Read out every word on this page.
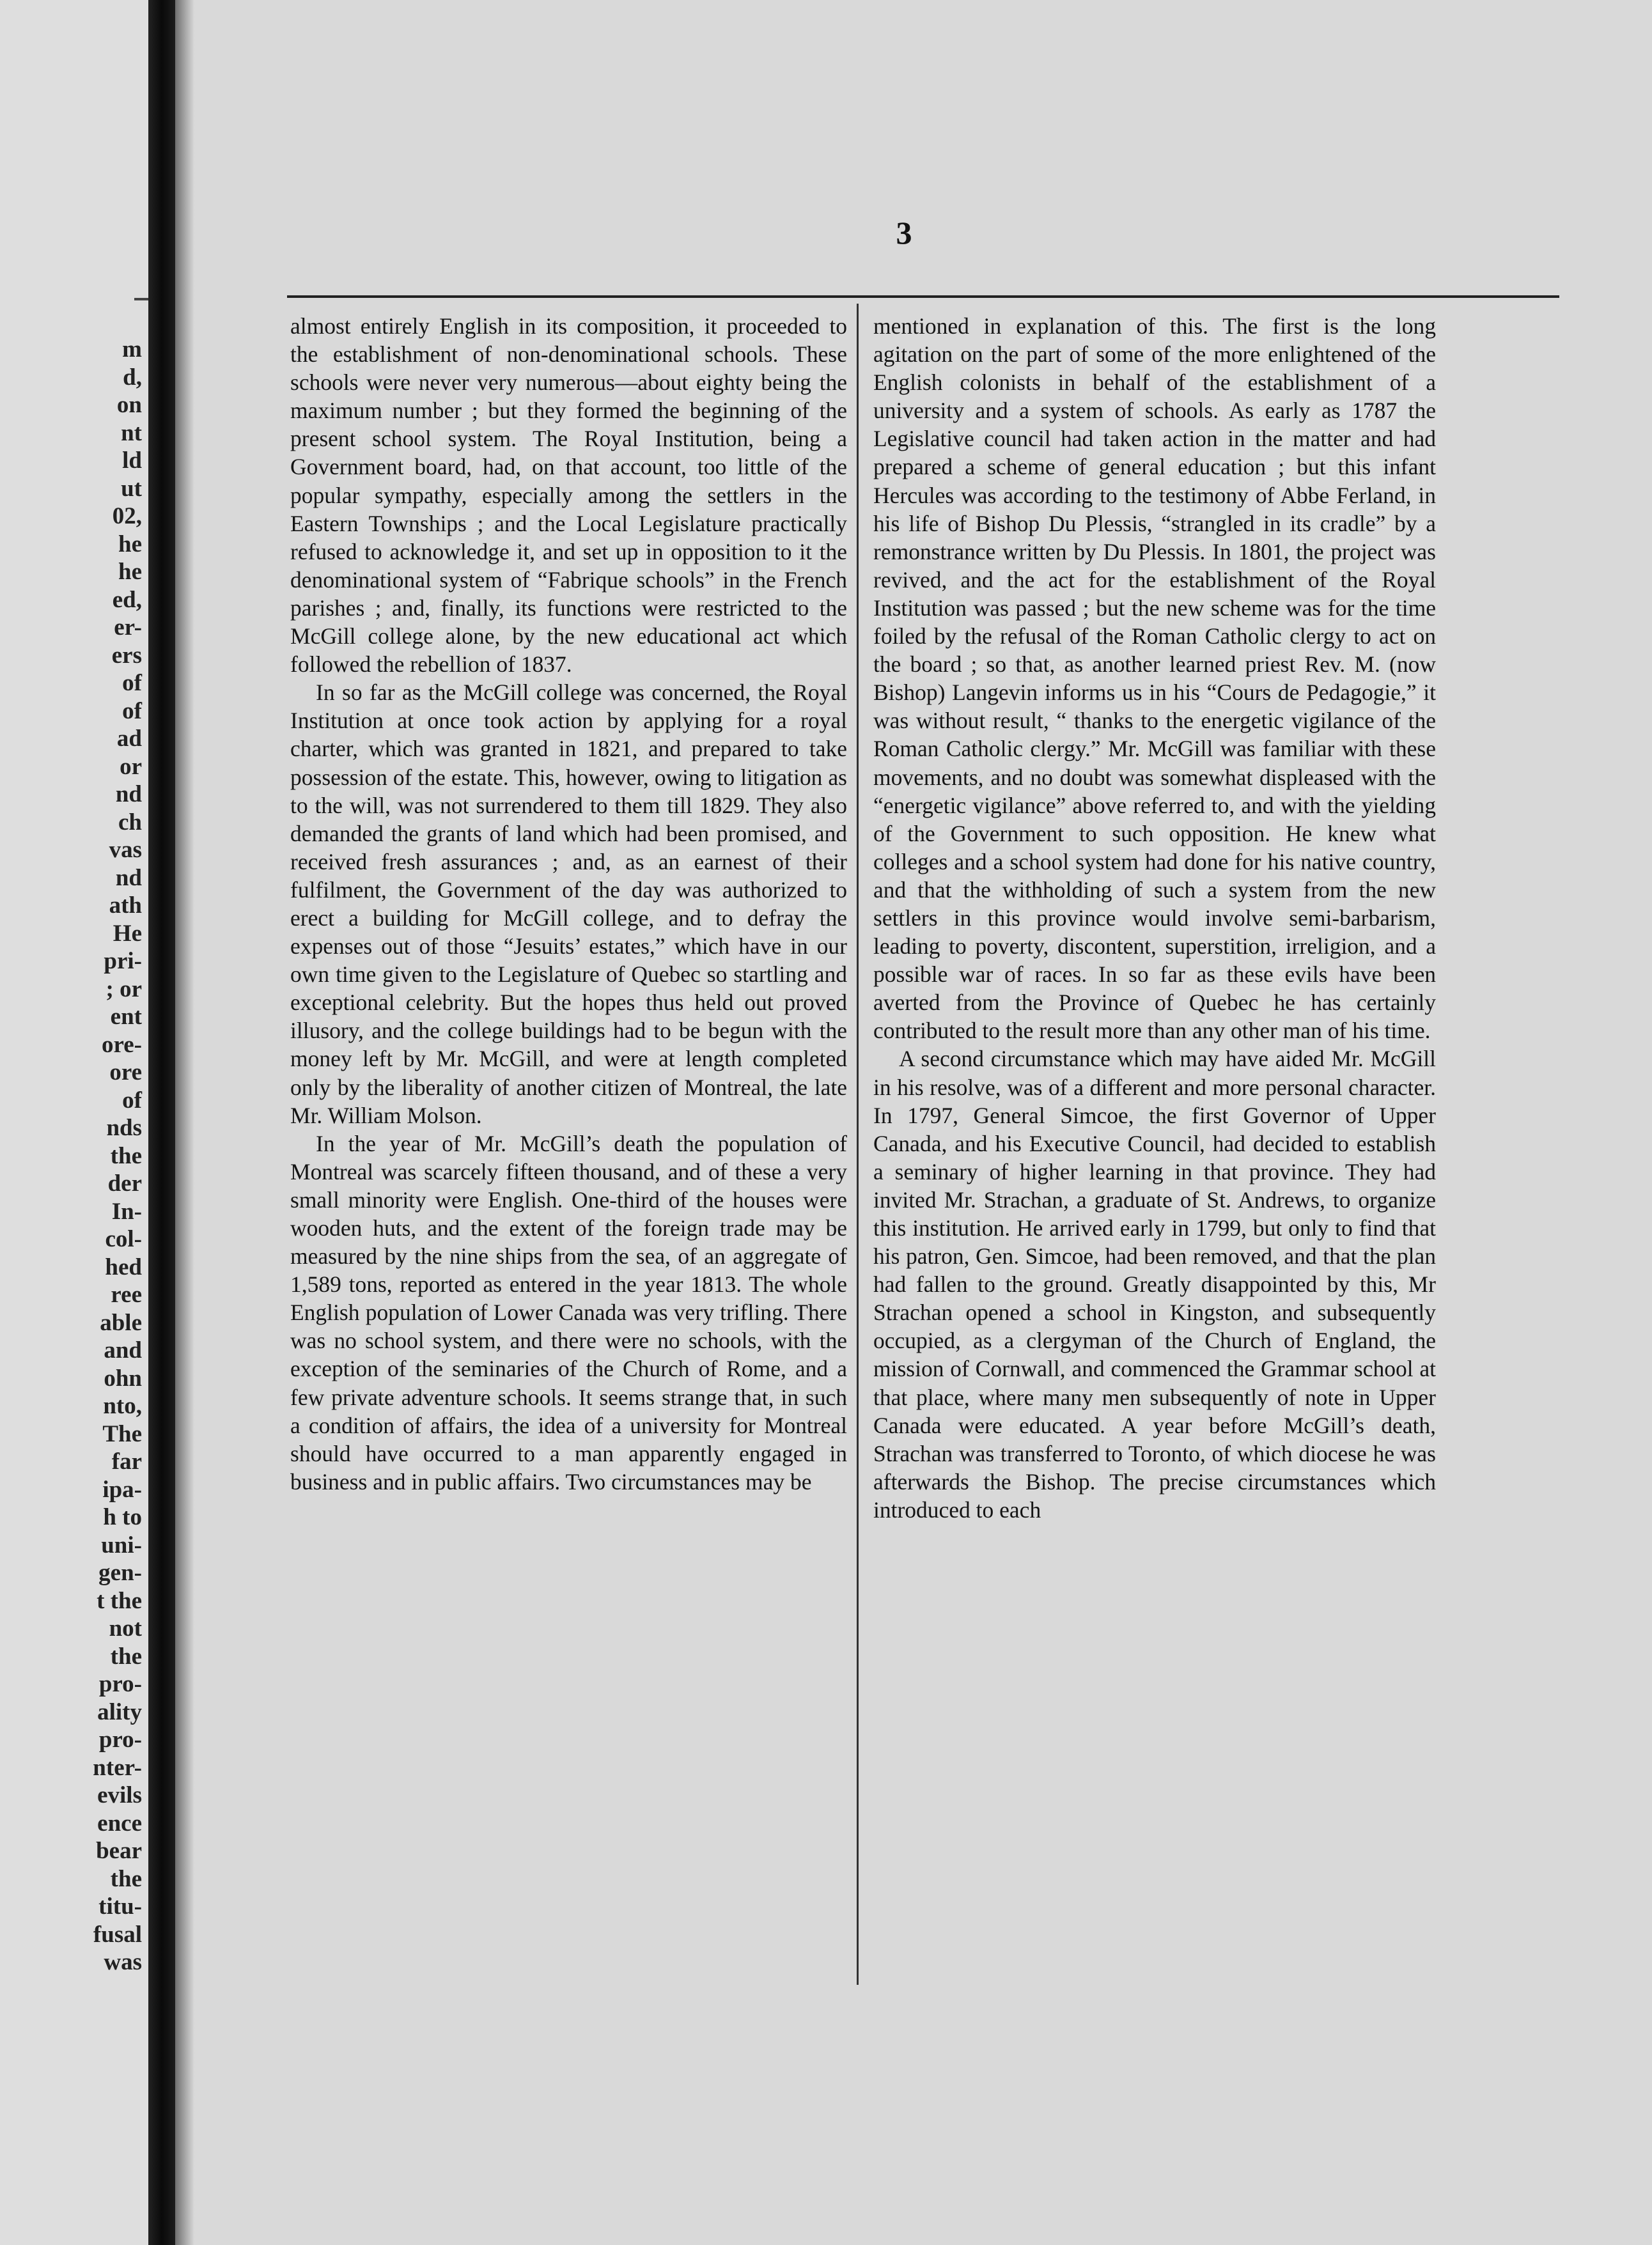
m
d,
on
nt
ld
ut
02,
he
he
ed,
er-
ers
of
of
ad
or
nd
ch
vas
nd
ath
He
pri-
; or
ent
ore-
ore
of
nds
the
der
In-
col-
hed
ree
able
and
ohn
nto,
The
far
ipa-
h to
uni-
gen-
t the
not
the
pro-
ality
pro-
nter-
evils
ence
bear
the
titu-
fusal
was
3

almost entirely English in its composition, it proceeded to the establishment of non-denominational schools. These schools were never very numerous—about eighty being the maximum number ; but they formed the beginning of the present school system. The Royal Institution, being a Government board, had, on that account, too little of the popular sympathy, especially among the settlers in the Eastern Townships ; and the Local Legislature practically refused to acknowledge it, and set up in opposition to it the denominational system of “Fabrique schools” in the French parishes ; and, finally, its functions were restricted to the McGill college alone, by the new educational act which followed the rebellion of 1837.

In so far as the McGill college was concerned, the Royal Institution at once took action by applying for a royal charter, which was granted in 1821, and prepared to take possession of the estate. This, however, owing to litigation as to the will, was not surrendered to them till 1829. They also demanded the grants of land which had been promised, and received fresh assurances ; and, as an earnest of their fulfilment, the Government of the day was authorized to erect a building for McGill college, and to defray the expenses out of those “Jesuits’ estates,” which have in our own time given to the Legislature of Quebec so startling and exceptional celebrity. But the hopes thus held out proved illusory, and the college buildings had to be begun with the money left by Mr. McGill, and were at length completed only by the liberality of another citizen of Montreal, the late Mr. William Molson.

In the year of Mr. McGill’s death the population of Montreal was scarcely fifteen thousand, and of these a very small minority were English. One-third of the houses were wooden huts, and the extent of the foreign trade may be measured by the nine ships from the sea, of an aggregate of 1,589 tons, reported as entered in the year 1813. The whole English population of Lower Canada was very trifling. There was no school system, and there were no schools, with the exception of the seminaries of the Church of Rome, and a few private adventure schools. It seems strange that, in such a condition of affairs, the idea of a university for Montreal should have occurred to a man apparently engaged in business and in public affairs. Two circumstances may be

mentioned in explanation of this. The first is the long agitation on the part of some of the more enlightened of the English colonists in behalf of the establishment of a university and a system of schools. As early as 1787 the Legislative council had taken action in the matter and had prepared a scheme of general education ; but this infant Hercules was according to the testimony of Abbe Ferland, in his life of Bishop Du Plessis, “strangled in its cradle” by a remonstrance written by Du Plessis. In 1801, the project was revived, and the act for the establishment of the Royal Institution was passed ; but the new scheme was for the time foiled by the refusal of the Roman Catholic clergy to act on the board ; so that, as another learned priest Rev. M. (now Bishop) Langevin informs us in his “Cours de Pedagogie,” it was without result, “ thanks to the energetic vigilance of the Roman Catholic clergy.” Mr. McGill was familiar with these movements, and no doubt was somewhat displeased with the “energetic vigilance” above referred to, and with the yielding of the Government to such opposition. He knew what colleges and a school system had done for his native country, and that the withholding of such a system from the new settlers in this province would involve semi-barbarism, leading to poverty, discontent, superstition, irreligion, and a possible war of races. In so far as these evils have been averted from the Province of Quebec he has certainly contributed to the result more than any other man of his time.

A second circumstance which may have aided Mr. McGill in his resolve, was of a different and more personal character. In 1797, General Simcoe, the first Governor of Upper Canada, and his Executive Council, had decided to establish a seminary of higher learning in that province. They had invited Mr. Strachan, a graduate of St. Andrews, to organize this institution. He arrived early in 1799, but only to find that his patron, Gen. Simcoe, had been removed, and that the plan had fallen to the ground. Greatly disappointed by this, Mr Strachan opened a school in Kingston, and subsequently occupied, as a clergyman of the Church of England, the mission of Cornwall, and commenced the Grammar school at that place, where many men subsequently of note in Upper Canada were educated. A year before McGill’s death, Strachan was transferred to Toronto, of which diocese he was afterwards the Bishop. The precise circumstances which introduced to each
